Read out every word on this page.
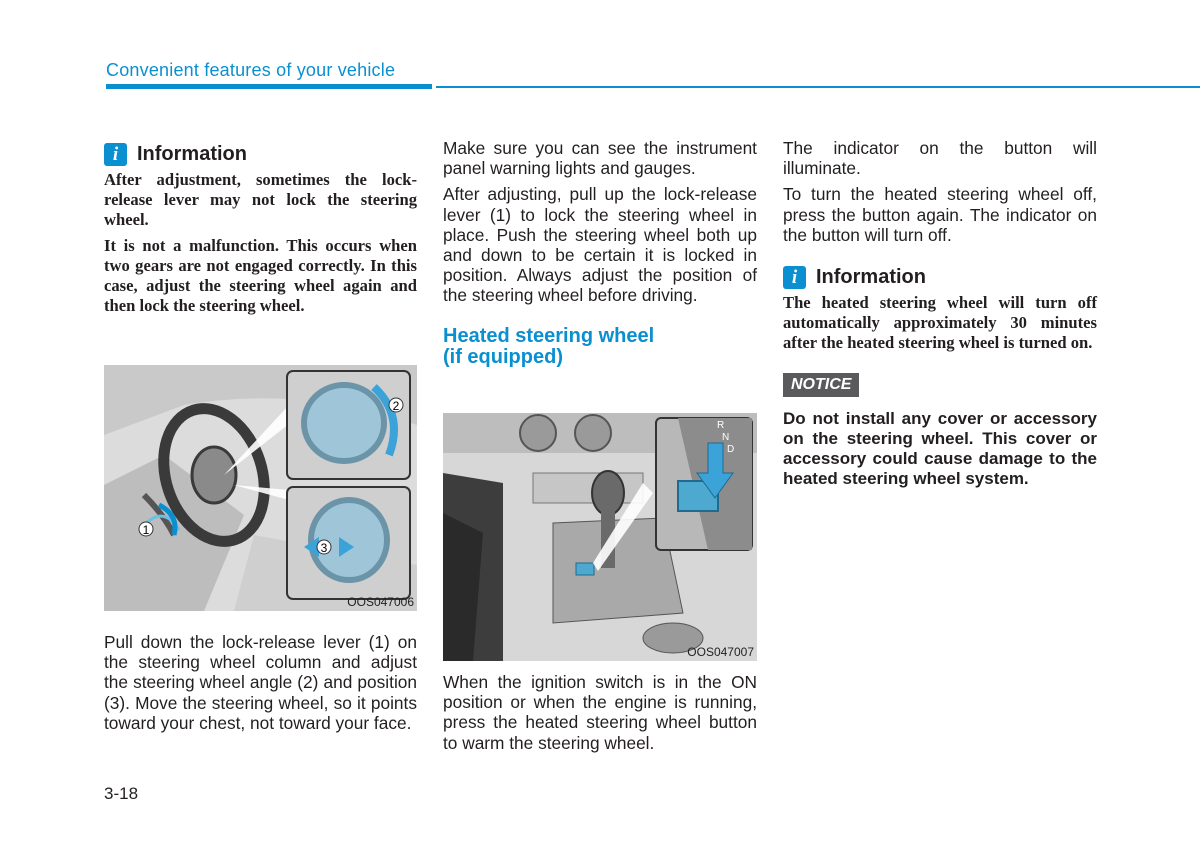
Convenient features of your vehicle
i Information

After adjustment, sometimes the lock-release lever may not lock the steering wheel.

It is not a malfunction. This occurs when two gears are not engaged correctly. In this case, adjust the steering wheel again and then lock the steering wheel.

1
2
3
OOS047006

Pull down the lock-release lever (1) on the steering wheel column and adjust the steering wheel angle (2) and position (3). Move the steering wheel, so it points toward your chest, not toward your face.

Make sure you can see the instrument panel warning lights and gauges.

After adjusting, pull up the lock-release lever (1) to lock the steering wheel in place. Push the steering wheel both up and down to be certain it is locked in position. Always adjust the position of the steering wheel before driving.

Heated steering wheel

(if equipped)

R
N
D
OOS047007

When the ignition switch is in the ON position or when the engine is running, press the heated steering wheel button to warm the steering wheel.

The indicator on the button will illuminate.

To turn the heated steering wheel off, press the button again. The indicator on the button will turn off.

i Information

The heated steering wheel will turn off automatically approximately 30 minutes after the heated steering wheel is turned on.

NOTICE

Do not install any cover or accessory on the steering wheel. This cover or accessory could cause damage to the heated steering wheel system.

3-18
